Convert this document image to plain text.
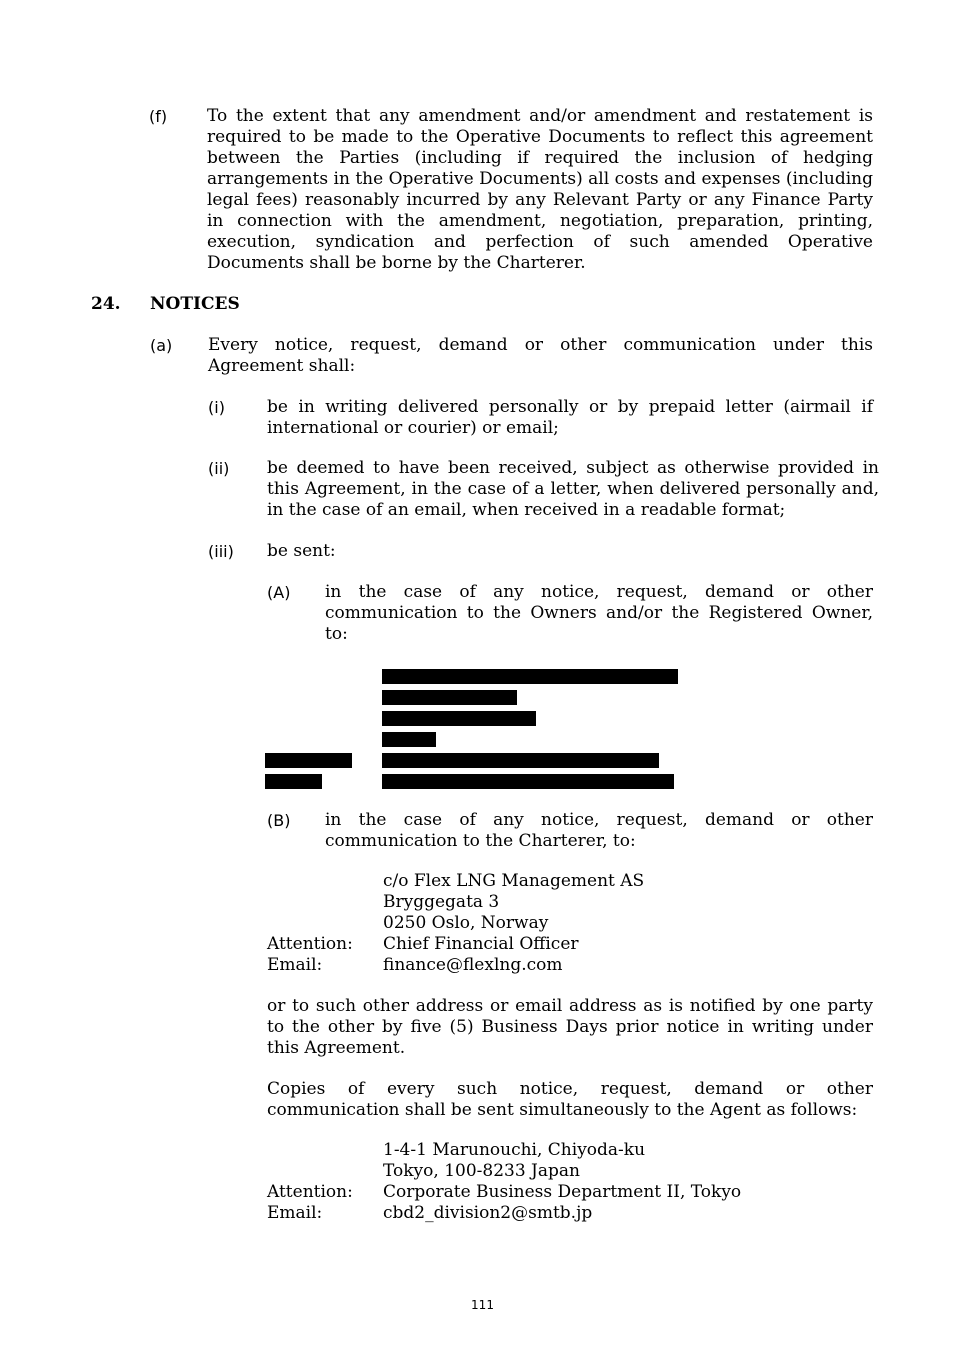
(f) To the extent that any amendment and/or amendment and restatement is required to be made to the Operative Documents to reflect this agreement between the Parties (including if required the inclusion of hedging arrangements in the Operative Documents) all costs and expenses (including legal fees) reasonably incurred by any Relevant Party or any Finance Party in connection with the amendment, negotiation, preparation, printing, execution, syndication and perfection of such amended Operative Documents shall be borne by the Charterer.
24. NOTICES
(a) Every notice, request, demand or other communication under this Agreement shall:
(i) be in writing delivered personally or by prepaid letter (airmail if international or courier) or email;
(ii) be deemed to have been received, subject as otherwise provided in this Agreement, in the case of a letter, when delivered personally and, in the case of an email, when received in a readable format;
(iii) be sent:
(A) in the case of any notice, request, demand or other communication to the Owners and/or the Registered Owner, to:
(B) in the case of any notice, request, demand or other communication to the Charterer, to:
c/o Flex LNG Management AS
Bryggegata 3
0250 Oslo, Norway
Attention: Chief Financial Officer
Email:	finance@flexlng.com
or to such other address or email address as is notified by one party to the other by five (5) Business Days prior notice in writing under this Agreement.
Copies of every such notice, request, demand or other communication shall be sent simultaneously to the Agent as follows:
1-4-1 Marunouchi, Chiyoda-ku
Tokyo, 100-8233 Japan
Attention: Corporate Business Department II, Tokyo
Email:	cbd2_division2@smtb.jp
111
